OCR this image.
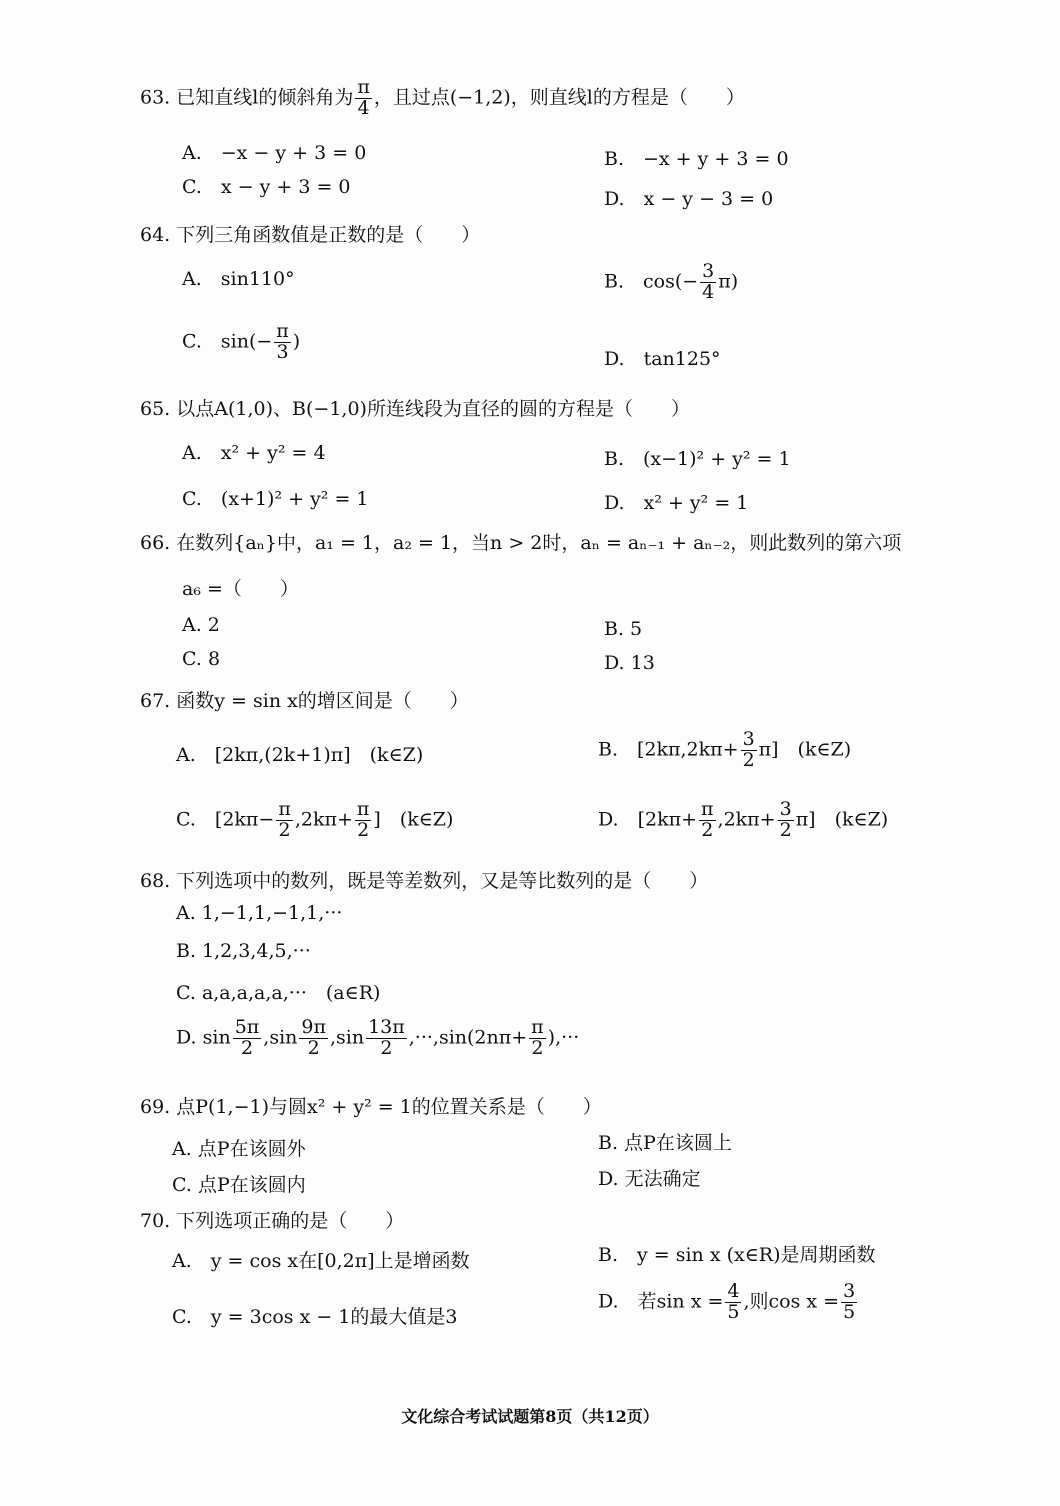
63. 已知直线l的倾斜角为 $\frac{\pi}{4}$ ，且过点(−1,2)，则直线l的方程是（　　）
A.　−x − y + 3 = 0	B.　−x + y + 3 = 0
C.　x − y + 3 = 0
D.　x − y − 3 = 0
64. 下列三角函数值是正数的是（　　）
A.　sin110°	B.　$\cos(- \frac{3}{4} \pi)$
C.　$\sin(- \frac{\pi}{3}$ )
D.　tan125°
65. 以点A(1,0)、B(−1,0)所连线段为直径的圆的方程是（　　）
A.　x² + y² = 4	B.　(x−1)² + y² = 1
C.　(x+1)² + y² = 1	D.　x² + y² = 1
66. 在数列{aₙ}中，a₁ = 1，a₂ = 1，当n > 2时，aₙ = aₙ₋₁ + aₙ₋₂，则此数列的第六项
a₆ =（　　）
A. 2	B. 5
C. 8	D. 13
67. 函数y = sin x的增区间是（　　）
A.　[2kπ,(2k+1)π]　(k∈Z)	B.　$[2k\pi,2k\pi+ \frac{3}{2} \pi]$　(k∈Z)
C.　[$2k\pi- \frac{\pi}{2} ,2k\pi+ \frac{\pi}{2}$ ]　(k∈Z)	D.　$[2k\pi+ \frac{\pi}{2} ,2k\pi+ \frac{3}{2} \pi]$　(k∈Z)
68. 下列选项中的数列，既是等差数列，又是等比数列的是（　　）
A. 1,−1,1,−1,1,···
B. 1,2,3,4,5,···
C. a,a,a,a,a,···　(a∈R)
D. $\sin \frac{5\pi}{2} ,\sin \frac{9\pi}{2} ,\sin \frac{13\pi}{2} ,\cdot\cdot\cdot,\sin(2n\pi+ \frac{\pi}{2}$ ),···
69. 点P(1,−1)与圆x² + y² = 1的位置关系是（　　）
A. 点P在该圆外	B. 点P在该圆上
C. 点P在该圆内	D. 无法确定
70. 下列选项正确的是（　　）
A.　y = cos x在[0,2π]上是增函数	B.　y = sin x (x∈R)是周期函数
C.　y = 3cos x − 1的最大值是3
D.　若$\sin x = \frac{4}{5}$ ,则$\cos x = \frac{3}{5}$
文化综合考试试题第8页（共12页）
